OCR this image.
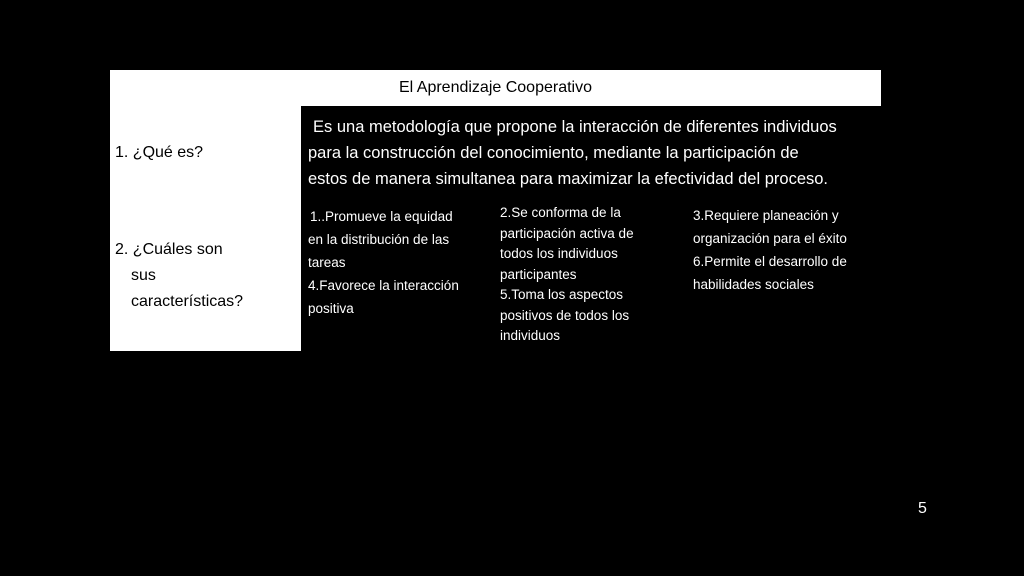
El Aprendizaje Cooperativo
1. ¿Qué es?
2. ¿Cuáles son
sus
características?
Es una metodología que propone la interacción de diferentes individuos
para la construcción del conocimiento, mediante la participación de
estos de manera simultanea para maximizar la efectividad del proceso.
1..Promueve la equidad
en la distribución de las
tareas
4.Favorece la interacción
positiva
2.Se conforma de la
participación activa de
todos los individuos
participantes
5.Toma los aspectos
positivos de todos los
individuos
3.Requiere planeación y
organización para el éxito
6.Permite el desarrollo de
habilidades sociales
5
